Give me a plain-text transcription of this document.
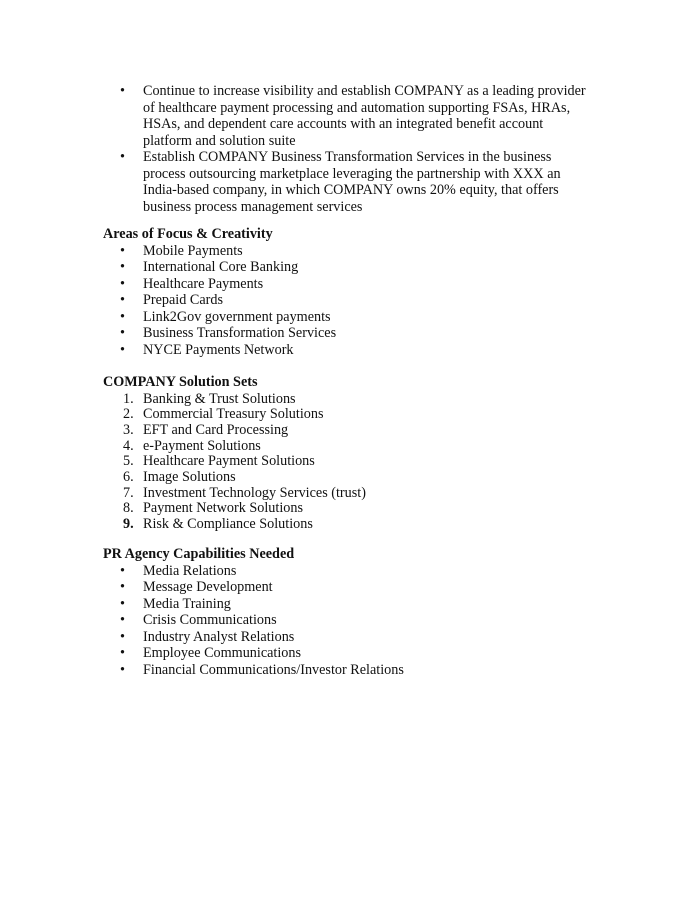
•	Continue to increase visibility and establish COMPANY as a leading provider of healthcare payment processing and automation supporting FSAs, HRAs, HSAs, and dependent care accounts with an integrated benefit account platform and solution suite
•	Establish COMPANY Business Transformation Services in the business process outsourcing marketplace leveraging the partnership with XXX an India-based company, in which COMPANY owns 20% equity, that offers business process management services
Areas of Focus & Creativity
•	Mobile Payments
•	International Core Banking
•	Healthcare Payments
•	Prepaid Cards
•	Link2Gov government payments
•	Business Transformation Services
•	NYCE Payments Network
COMPANY Solution Sets
1. Banking & Trust Solutions
2. Commercial Treasury Solutions
3. EFT and Card Processing
4. e-Payment Solutions
5. Healthcare Payment Solutions
6. Image Solutions
7. Investment Technology Services (trust)
8. Payment Network Solutions
9. Risk & Compliance Solutions
PR Agency Capabilities Needed
•	Media Relations
•	Message Development
•	Media Training
•	Crisis Communications
•	Industry Analyst Relations
•	Employee Communications
•	Financial Communications/Investor Relations
